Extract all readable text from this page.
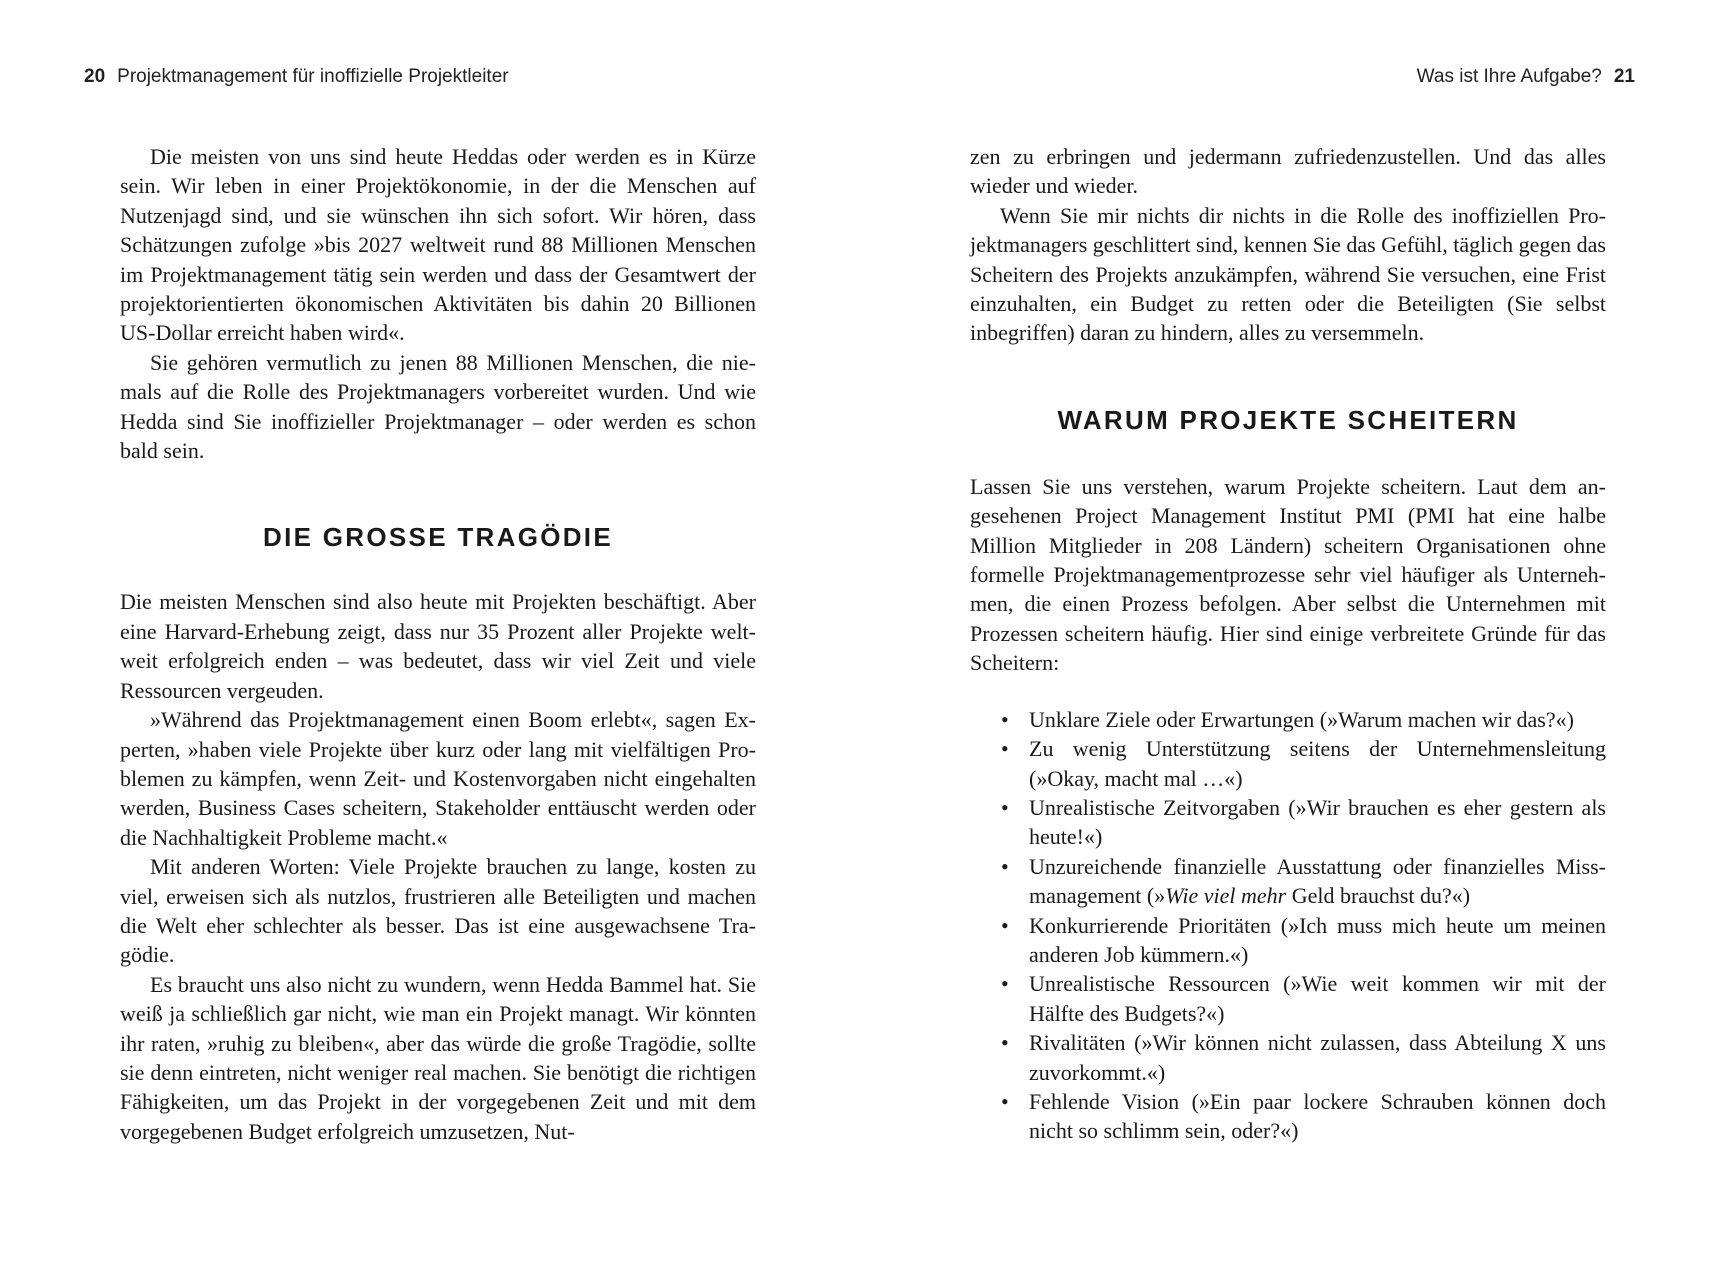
20 Projektmanagement für inoffizielle Projektleiter	Was ist Ihre Aufgabe? 21

Die meisten von uns sind heute Heddas oder werden es in Kürze sein. Wir leben in einer Projektökonomie, in der die Menschen auf Nutzenjagd sind, und sie wünschen ihn sich sofort. Wir hören, dass Schätzungen zufolge »bis 2027 weltweit rund 88 Millionen Menschen im Projektmanagement tätig sein werden und dass der Gesamtwert der projektorientierten ökonomischen Aktivitäten bis dahin 20 Billionen US-Dollar erreicht haben wird«.

Sie gehören vermutlich zu jenen 88 Millionen Menschen, die niemals auf die Rolle des Projektmanagers vorbereitet wurden. Und wie Hedda sind Sie inoffizieller Projektmanager – oder werden es schon bald sein.

DIE GROSSE TRAGÖDIE

Die meisten Menschen sind also heute mit Projekten beschäftigt. Aber eine Harvard-Erhebung zeigt, dass nur 35 Prozent aller Projekte weltweit erfolgreich enden – was bedeutet, dass wir viel Zeit und viele Ressourcen vergeuden.

»Während das Projektmanagement einen Boom erlebt«, sagen Experten, »haben viele Projekte über kurz oder lang mit vielfältigen Problemen zu kämpfen, wenn Zeit- und Kostenvorgaben nicht eingehalten werden, Business Cases scheitern, Stakeholder enttäuscht werden oder die Nachhaltigkeit Probleme macht.«

Mit anderen Worten: Viele Projekte brauchen zu lange, kosten zu viel, erweisen sich als nutzlos, frustrieren alle Beteiligten und machen die Welt eher schlechter als besser. Das ist eine ausgewachsene Tragödie.

Es braucht uns also nicht zu wundern, wenn Hedda Bammel hat. Sie weiß ja schließlich gar nicht, wie man ein Projekt managt. Wir könnten ihr raten, »ruhig zu bleiben«, aber das würde die große Tragödie, sollte sie denn eintreten, nicht weniger real machen. Sie benötigt die richtigen Fähigkeiten, um das Projekt in der vorgegebenen Zeit und mit dem vorgegebenen Budget erfolgreich umzusetzen, Nut-

zen zu erbringen und jedermann zufriedenzustellen. Und das alles wieder und wieder.

Wenn Sie mir nichts dir nichts in die Rolle des inoffiziellen Projektmanagers geschlittert sind, kennen Sie das Gefühl, täglich gegen das Scheitern des Projekts anzukämpfen, während Sie versuchen, eine Frist einzuhalten, ein Budget zu retten oder die Beteiligten (Sie selbst inbegriffen) daran zu hindern, alles zu versemmeln.

WARUM PROJEKTE SCHEITERN

Lassen Sie uns verstehen, warum Projekte scheitern. Laut dem angesehenen Project Management Institut PMI (PMI hat eine halbe Million Mitglieder in 208 Ländern) scheitern Organisationen ohne formelle Projektmanagementprozesse sehr viel häufiger als Unternehmen, die einen Prozess befolgen. Aber selbst die Unternehmen mit Prozessen scheitern häufig. Hier sind einige verbreitete Gründe für das Scheitern:

• Unklare Ziele oder Erwartungen (»Warum machen wir das?«)
• Zu wenig Unterstützung seitens der Unternehmensleitung (»Okay, macht mal …«)
• Unrealistische Zeitvorgaben (»Wir brauchen es eher gestern als heute!«)
• Unzureichende finanzielle Ausstattung oder finanzielles Missmanagement (»Wie viel mehr Geld brauchst du?«)
• Konkurrierende Prioritäten (»Ich muss mich heute um meinen anderen Job kümmern.«)
• Unrealistische Ressourcen (»Wie weit kommen wir mit der Hälfte des Budgets?«)
• Rivalitäten (»Wir können nicht zulassen, dass Abteilung X uns zuvorkommt.«)
• Fehlende Vision (»Ein paar lockere Schrauben können doch nicht so schlimm sein, oder?«)
